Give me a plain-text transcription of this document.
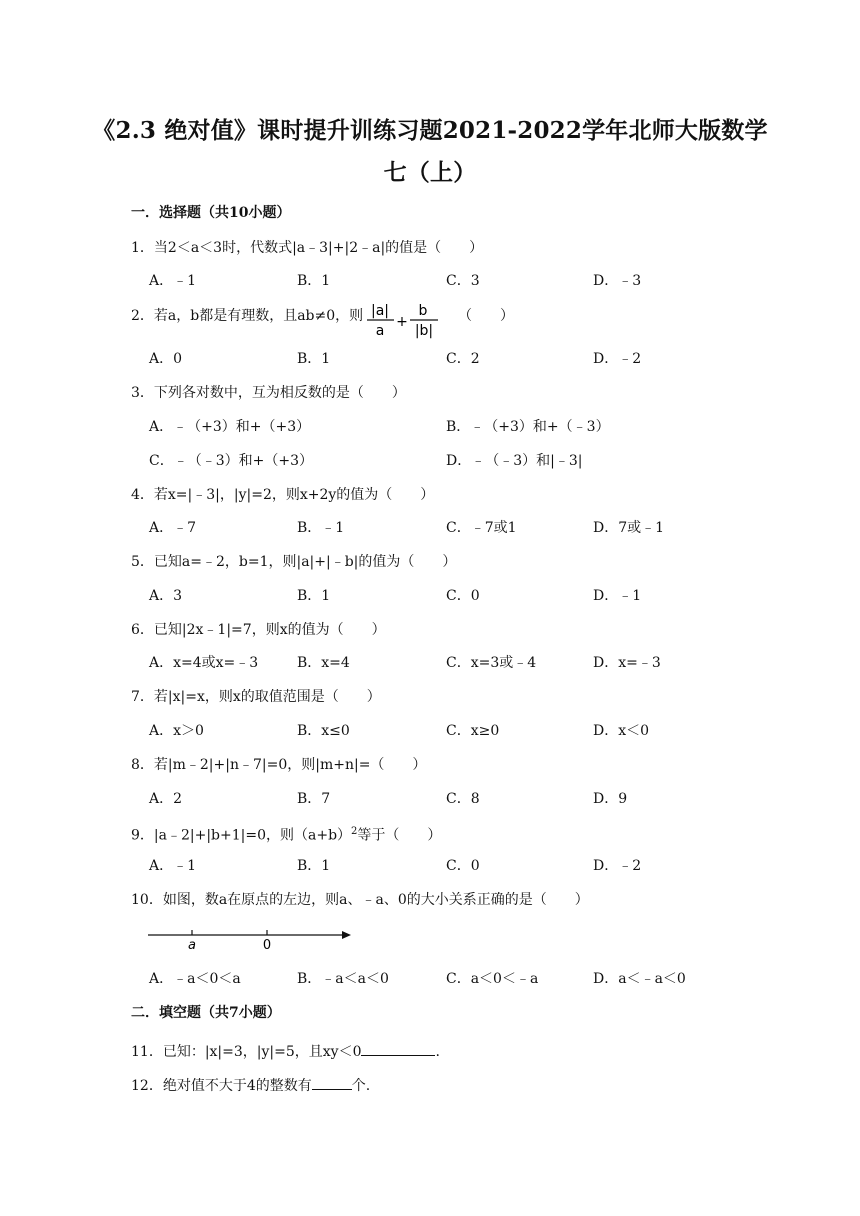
《2.3 绝对值》课时提升训练习题2021-2022学年北师大版数学
七（上）
一．选择题（共10小题）
1．当2＜a＜3时，代数式|a﹣3|+|2﹣a|的值是（　　）
A．﹣1	B．1	C．3	D．﹣3
2．若a，b都是有理数，且ab≠0，则 |a|
a
+
b
|b|
（　　）
A．0	B．1	C．2	D．﹣2
3．下列各对数中，互为相反数的是（　　）
A．﹣（+3）和+（+3）	B．﹣（+3）和+（﹣3）
C．﹣（﹣3）和+（+3）	D．﹣（﹣3）和|﹣3|
4．若x=|﹣3|，|y|=2，则x+2y的值为（　　）
A．﹣7	B．﹣1	C．﹣7或1	D．7或﹣1
5．已知a=﹣2，b=1，则|a|+|﹣b|的值为（　　）
A．3	B．1	C．0	D．﹣1
6．已知|2x﹣1|=7，则x的值为（　　）
A．x=4或x=﹣3	B．x=4	C．x=3或﹣4	D．x=﹣3
7．若|x|=x，则x的取值范围是（　　）
A．x＞0	B．x≤0	C．x≥0	D．x＜0
8．若|m﹣2|+|n﹣7|=0，则|m+n|=（　　）
A．2	B．7	C．8	D．9
9．|a﹣2|+|b+1|=0，则$(a+b)^2$等于（　　）
A．﹣1	B．1	C．0	D．﹣2
10．如图，数a在原点的左边，则a、﹣a、0的大小关系正确的是（　　）
a	0
A．﹣a＜0＜a	B．﹣a＜a＜0	C．a＜0＜﹣a	D．a＜﹣a＜0
二．填空题（共7小题）
11．已知：|x|=3，|y|=5，且xy＜0	.
12．绝对值不大于4的整数有	个.
